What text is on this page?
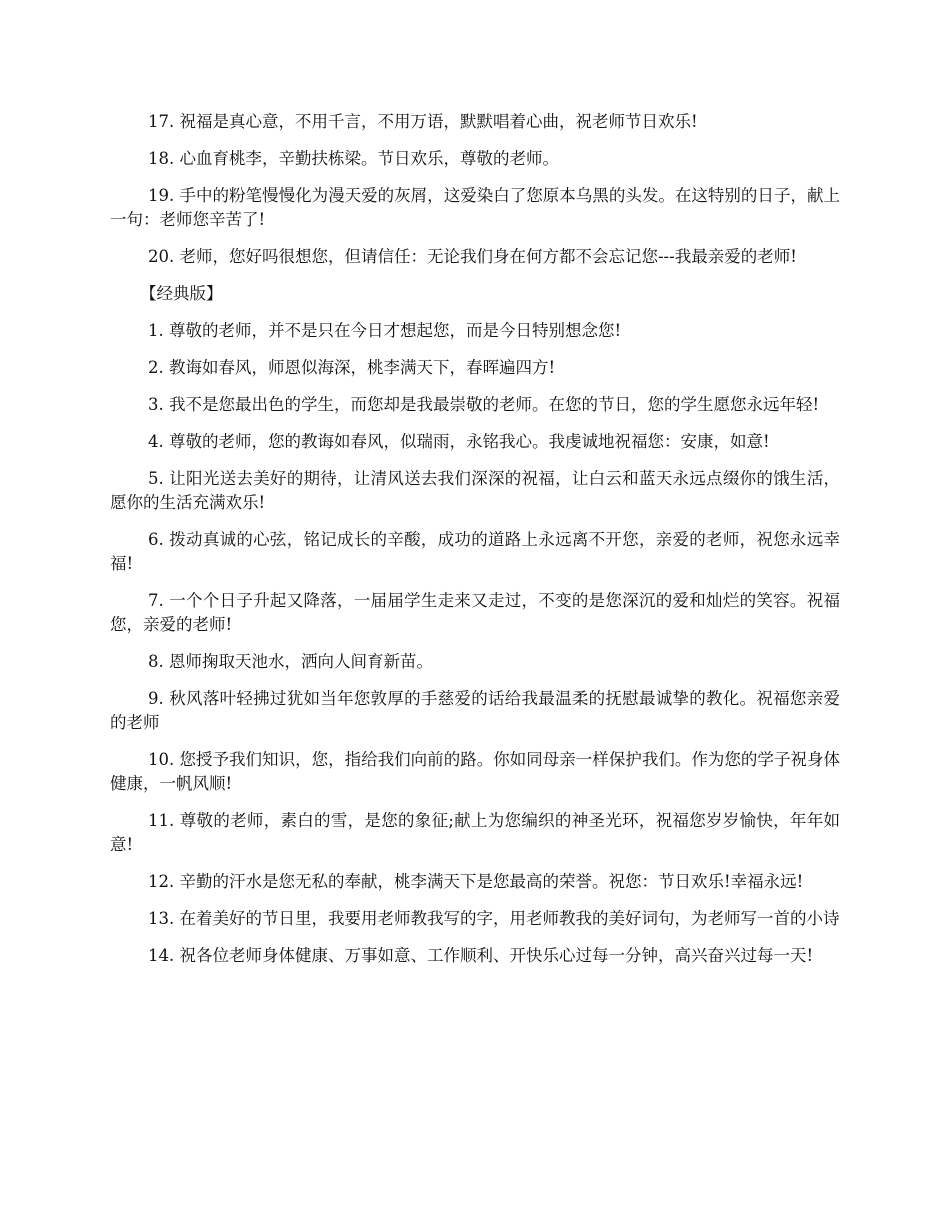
17. 祝福是真心意，不用千言，不用万语，默默唱着心曲，祝老师节日欢乐!

18. 心血育桃李，辛勤扶栋梁。节日欢乐，尊敬的老师。

19. 手中的粉笔慢慢化为漫天爱的灰屑，这爱染白了您原本乌黑的头发。在这特别的日子，献上一句：老师您辛苦了!

20. 老师，您好吗很想您，但请信任：无论我们身在何方都不会忘记您---我最亲爱的老师!

【经典版】

1. 尊敬的老师，并不是只在今日才想起您，而是今日特别想念您!

2. 教诲如春风，师恩似海深，桃李满天下，春晖遍四方!

3. 我不是您最出色的学生，而您却是我最崇敬的老师。在您的节日，您的学生愿您永远年轻!

4. 尊敬的老师，您的教诲如春风，似瑞雨，永铭我心。我虔诚地祝福您：安康，如意!

5. 让阳光送去美好的期待，让清风送去我们深深的祝福，让白云和蓝天永远点缀你的饿生活，愿你的生活充满欢乐!

6. 拨动真诚的心弦，铭记成长的辛酸，成功的道路上永远离不开您，亲爱的老师，祝您永远幸福!

7. 一个个日子升起又降落，一届届学生走来又走过，不变的是您深沉的爱和灿烂的笑容。祝福您，亲爱的老师!

8. 恩师掬取天池水，洒向人间育新苗。

9. 秋风落叶轻拂过犹如当年您敦厚的手慈爱的话给我最温柔的抚慰最诚挚的教化。祝福您亲爱的老师

10. 您授予我们知识，您，指给我们向前的路。你如同母亲一样保护我们。作为您的学子祝身体健康，一帆风顺!

11. 尊敬的老师，素白的雪，是您的象征;献上为您编织的神圣光环，祝福您岁岁愉快，年年如意!

12. 辛勤的汗水是您无私的奉献，桃李满天下是您最高的荣誉。祝您：节日欢乐!幸福永远!

13. 在着美好的节日里，我要用老师教我写的字，用老师教我的美好词句，为老师写一首的小诗

14. 祝各位老师身体健康、万事如意、工作顺利、开快乐心过每一分钟，高兴奋兴过每一天!
